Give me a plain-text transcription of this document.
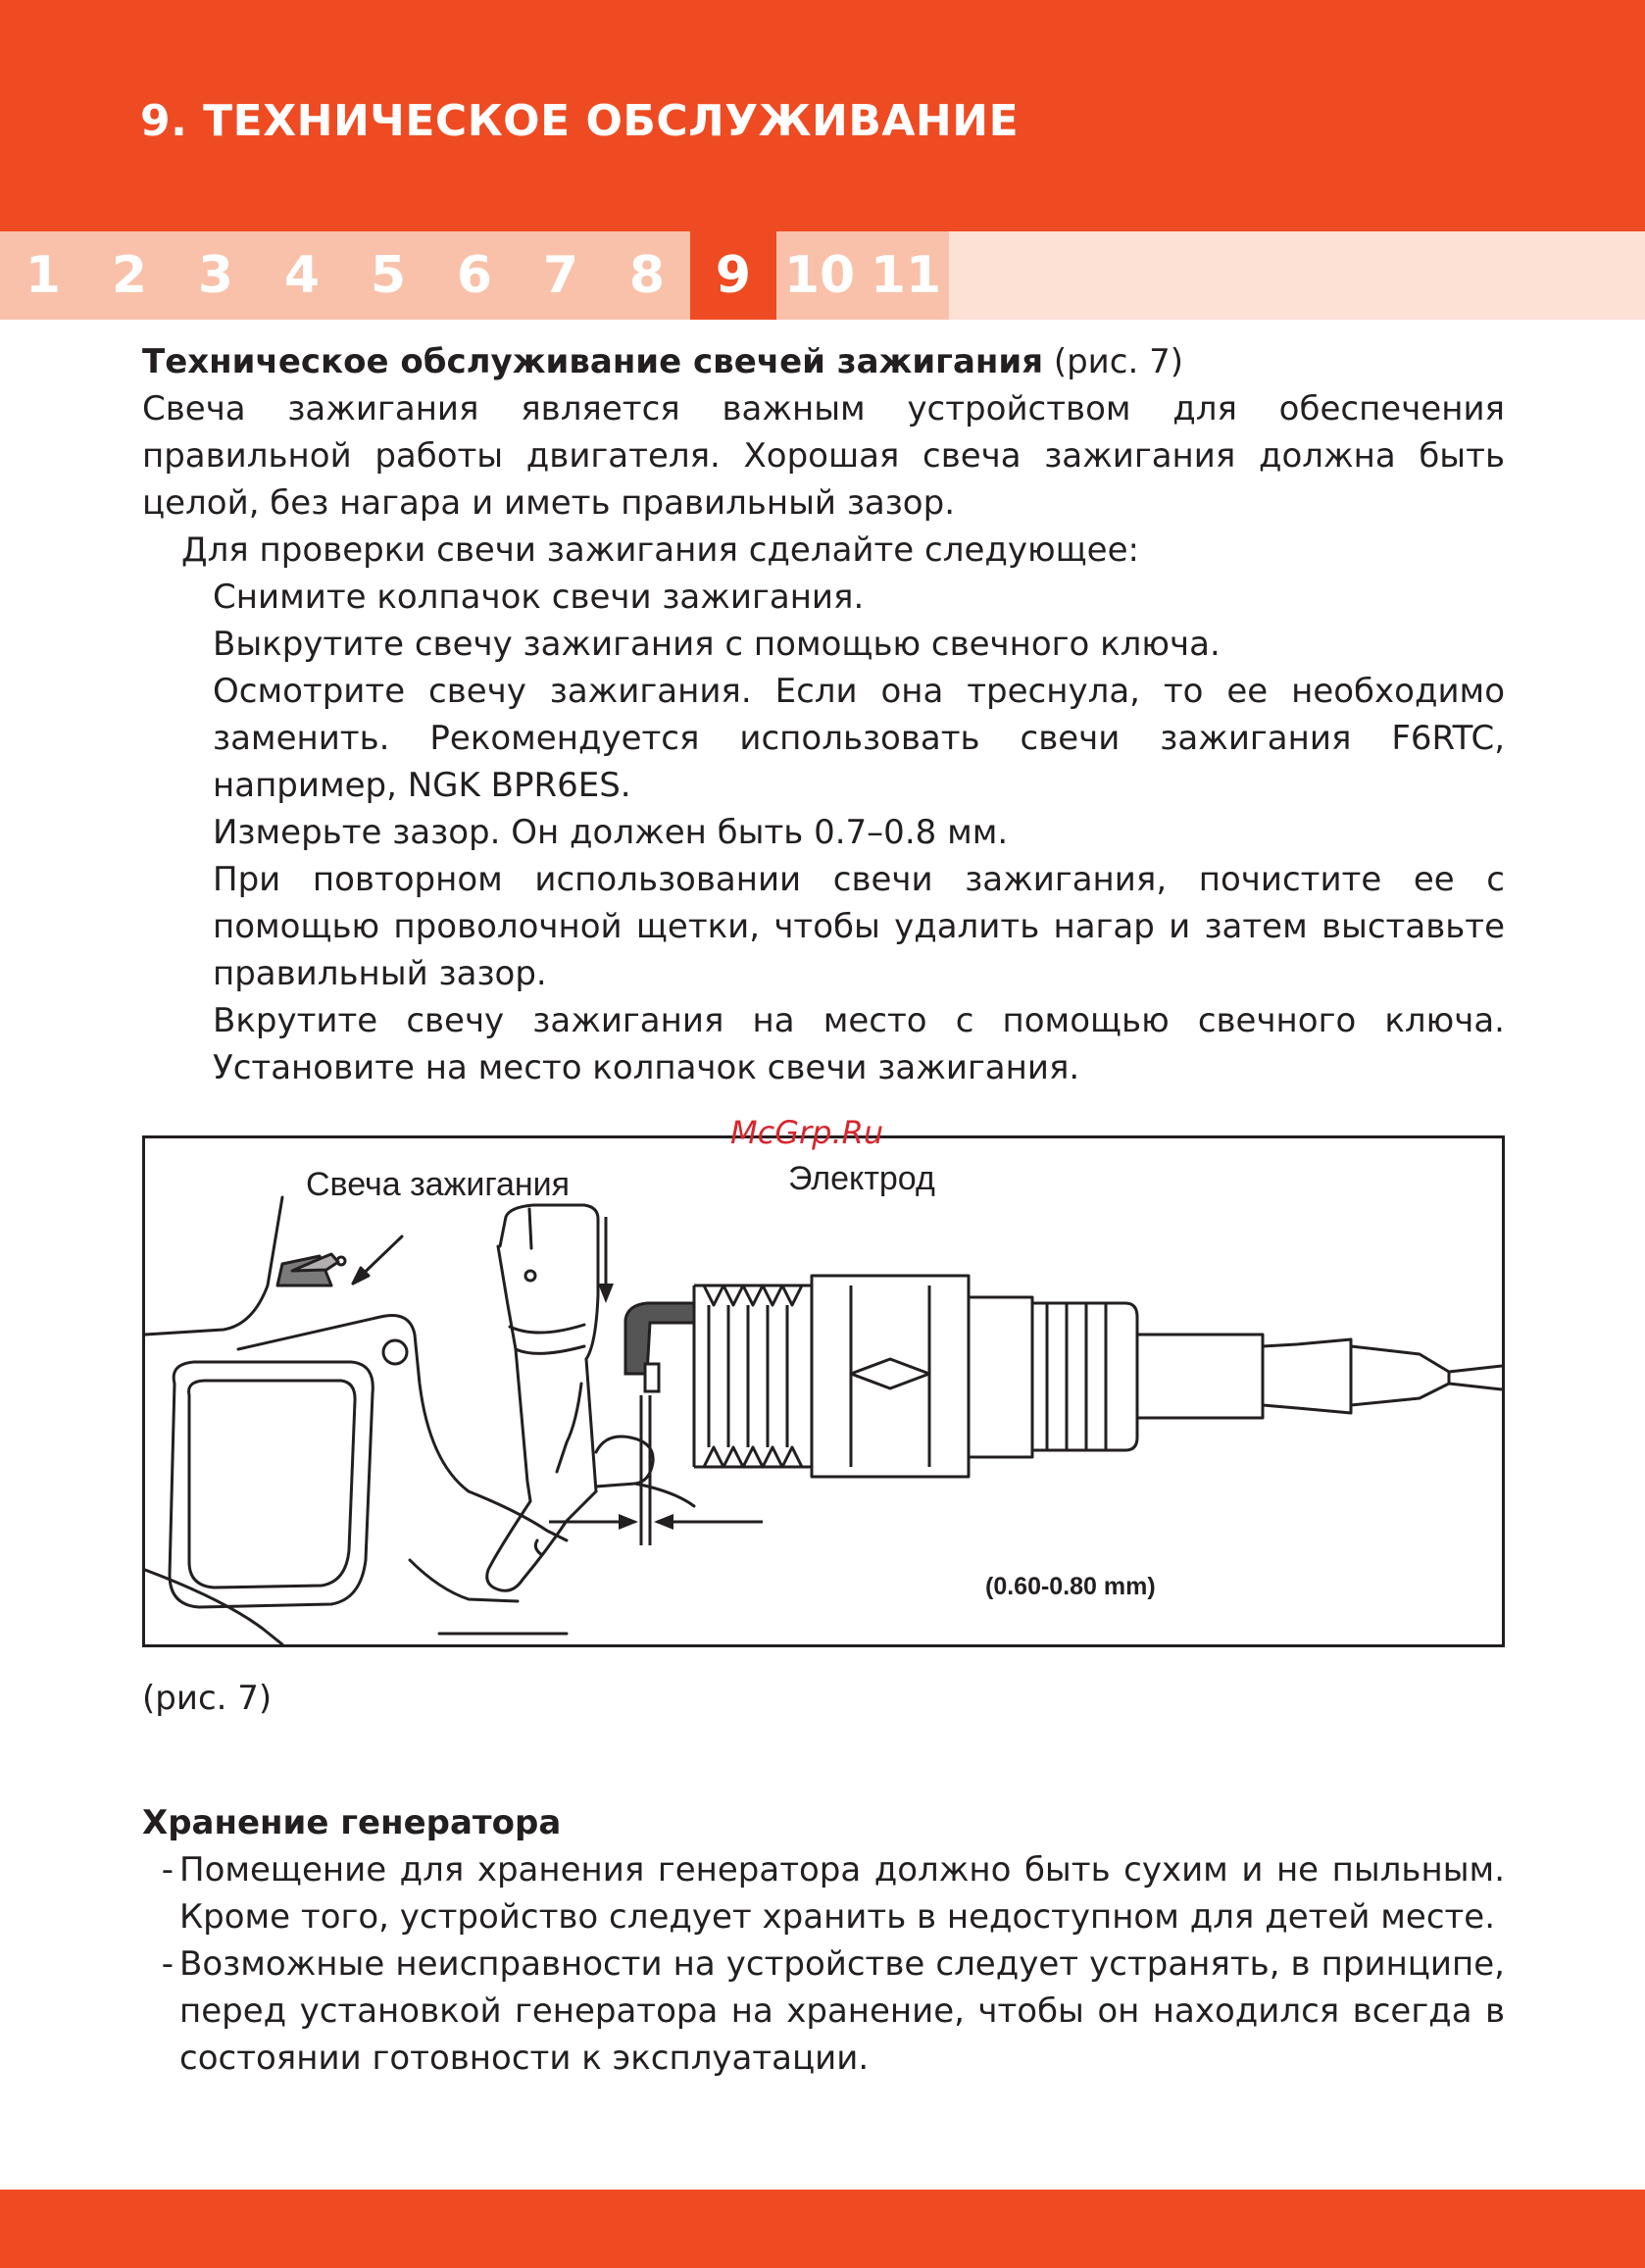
9. ТЕХНИЧЕСКОЕ ОБСЛУЖИВАНИЕ
1 2 3 4 5 6 7 8 9 10 11

Техническое обслуживание свечей зажигания (рис. 7)

Свеча зажигания является важным устройством для обеспечения правильной работы двигателя. Хорошая свеча зажигания должна быть целой, без нагара и иметь правильный зазор.

Для проверки свечи зажигания сделайте следующее:

Снимите колпачок свечи зажигания.

Выкрутите свечу зажигания с помощью свечного ключа.

Осмотрите свечу зажигания. Если она треснула, то ее необходимо заменить. Рекомендуется использовать свечи зажигания F6RTC, например, NGK BPR6ES.

Измерьте зазор. Он должен быть 0.7–0.8 мм.

При повторном использовании свечи зажигания, почистите ее с помощью проволочной щетки, чтобы удалить нагар и затем выставьте правильный зазор.

Вкрутите свечу зажигания на место с помощью свечного ключа. Установите на место колпачок свечи зажигания.

Свеча зажигания	Электрод
(0.60-0.80 mm)
McGrp.Ru
(рис. 7)
Хранение генератора
- Помещение для хранения генератора должно быть сухим и не пыльным. Кроме того, устройство следует хранить в недоступном для детей месте.
- Возможные неисправности на устройстве следует устранять, в принципе, перед установкой генератора на хранение, чтобы он находился всегда в состоянии готовности к эксплуатации.
